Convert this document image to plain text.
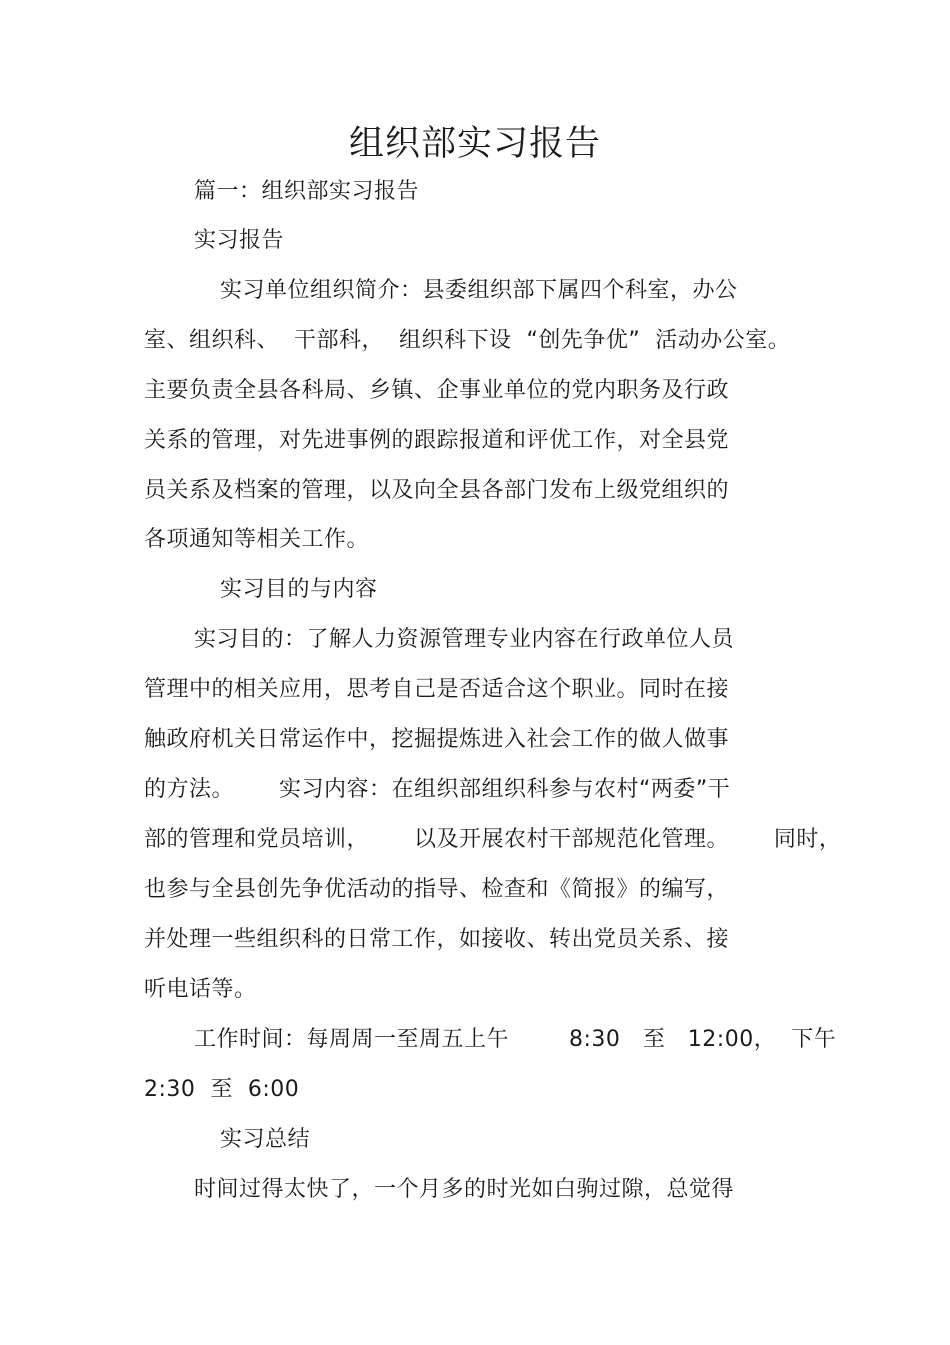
组织部实习报告
篇一：组织部实习报告
实习报告
实习单位组织简介：县委组织部下属四个科室，办公
室、组织科、  干部科，  组织科下设  “创先争优”  活动办公室。
主要负责全县各科局、乡镇、企事业单位的党内职务及行政
关系的管理，对先进事例的跟踪报道和评优工作，对全县党
员关系及档案的管理，以及向全县各部门发布上级党组织的
各项通知等相关工作。
实习目的与内容
实习目的：了解人力资源管理专业内容在行政单位人员
管理中的相关应用，思考自己是否适合这个职业。同时在接
触政府机关日常运作中，挖掘提炼进入社会工作的做人做事
的方法。      实习内容：在组织部组织科参与农村“两委”干
部的管理和党员培训，      以及开展农村干部规范化管理。      同时，
也参与全县创先争优活动的指导、检查和《简报》的编写，
并处理一些组织科的日常工作，如接收、转出党员关系、接
听电话等。
工作时间：每周周一至周五上午        8:30   至   12:00，  下午
2:30  至  6:00
实习总结
时间过得太快了，一个月多的时光如白驹过隙，总觉得
